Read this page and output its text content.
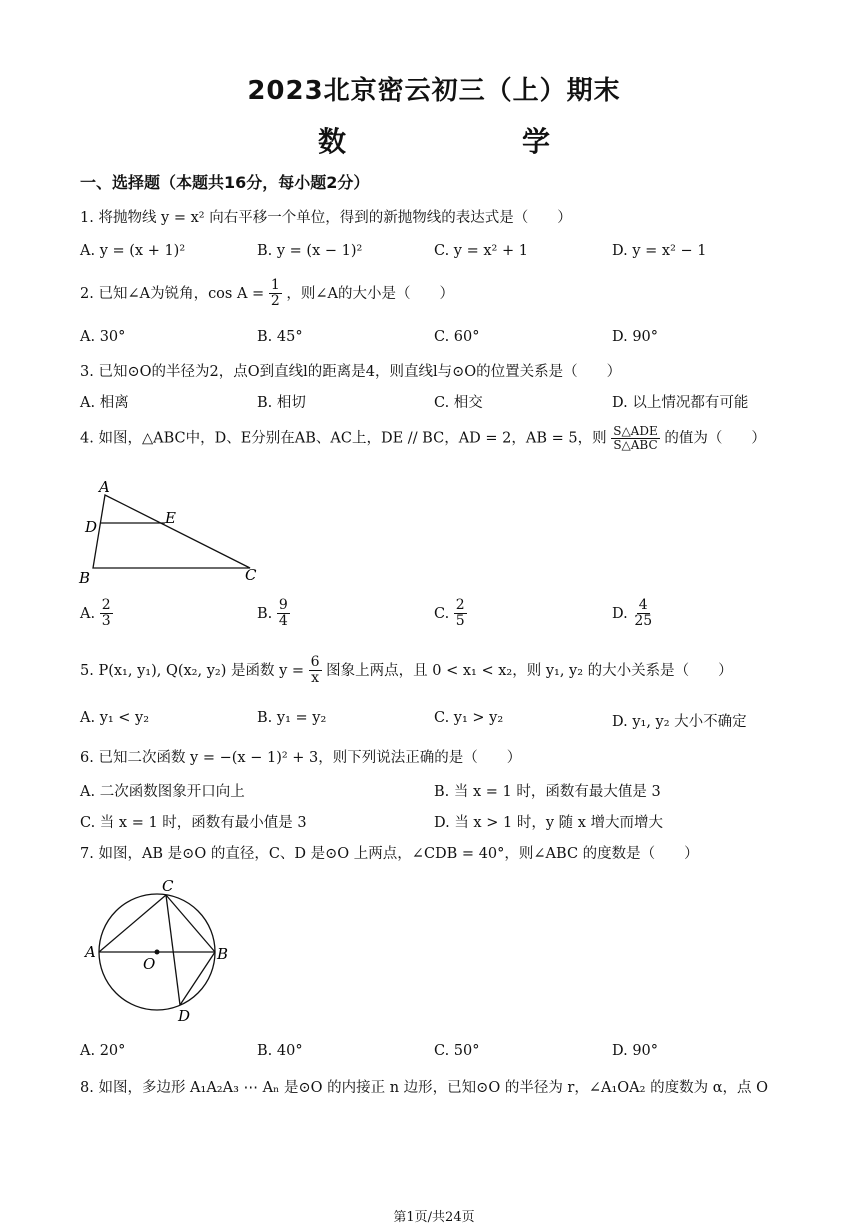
2023北京密云初三（上）期末
数　　学
一、选择题（本题共16分，每小题2分）
1. 将抛物线 y = x² 向右平移一个单位，得到的新抛物线的表达式是（　　）
A. y = (x + 1)²	B. y = (x − 1)²	C. y = x² + 1	D. y = x² − 1
2. 已知∠A为锐角，$\cos A = \frac{1}{2}$ ，则∠A的大小是（　　）
A. 30°	B. 45°	C. 60°	D. 90°
3. 已知⊙O的半径为2，点O到直线l的距离是4，则直线l与⊙O的位置关系是（　　）
A. 相离	B. 相切	C. 相交	D. 以上情况都有可能
4. 如图，△ABC中，D、E分别在AB、AC上，DE // BC，AD = 2，AB = 5，则 $\frac{\text{S△ADE}}{\text{S△ABC}}$ 的值为（　　）
A
D	E
B	C
A. $\frac{2}{3}$	B. $\frac{9}{4}$	C. $\frac{2}{5}$	D. $\frac{4}{25}$
5. P(x₁, y₁), Q(x₂, y₂) 是函数 $y = \frac{6}{x}$ 图象上两点，且 0 < x₁ < x₂，则 y₁, y₂ 的大小关系是（　　）
A. y₁ < y₂	B. y₁ = y₂	C. y₁ > y₂	D. y₁, y₂ 大小不确定
6. 已知二次函数 y = −(x − 1)² + 3，则下列说法正确的是（　　）
A. 二次函数图象开口向上	B. 当 x = 1 时，函数有最大值是 3
C. 当 x = 1 时，函数有最小值是 3	D. 当 x > 1 时，y 随 x 增大而增大
7. 如图，AB 是⊙O 的直径，C、D 是⊙O 上两点，∠CDB = 40°，则∠ABC 的度数是（　　）
C
A
O
B
D
A. 20°	B. 40°	C. 50°	D. 90°
8. 如图，多边形 A₁A₂A₃ ⋯ Aₙ 是⊙O 的内接正 n 边形，已知⊙O 的半径为 r，∠A₁OA₂ 的度数为 α，点 O
第1页/共24页
